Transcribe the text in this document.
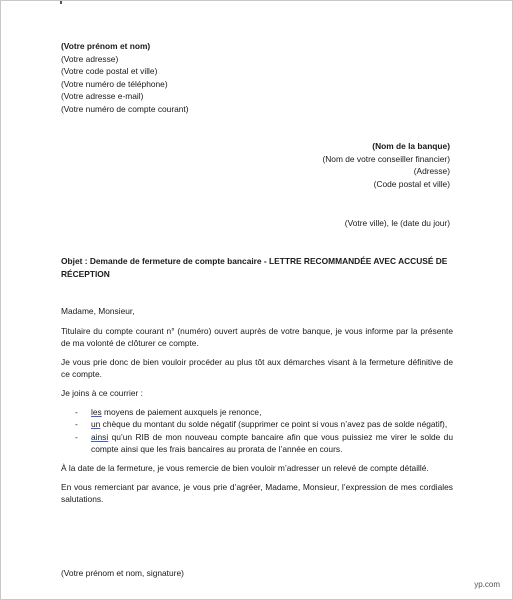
(Votre prénom et nom)
(Votre adresse)
(Votre code postal et ville)
(Votre numéro de téléphone)
(Votre adresse e-mail)
(Votre numéro de compte courant)
(Nom de la banque)
(Nom de votre conseiller financier)
(Adresse)
(Code postal et ville)
(Votre ville), le (date du jour)
Objet : Demande de fermeture de compte bancaire - LETTRE RECOMMANDÉE AVEC ACCUSÉ DE RÉCEPTION

Madame, Monsieur,

Titulaire du compte courant n° (numéro) ouvert auprès de votre banque, je vous informe par la présente de ma volonté de clôturer ce compte.

Je vous prie donc de bien vouloir procéder au plus tôt aux démarches visant à la fermeture définitive de ce compte.

Je joins à ce courrier :

- les moyens de paiement auxquels je renonce,
- un chèque du montant du solde négatif (supprimer ce point si vous n’avez pas de solde négatif),
- ainsi qu’un RIB de mon nouveau compte bancaire afin que vous puissiez me virer le solde du compte ainsi que les frais bancaires au prorata de l’année en cours.

À la date de la fermeture, je vous remercie de bien vouloir m’adresser un relevé de compte détaillé.

En vous remerciant par avance, je vous prie d’agréer, Madame, Monsieur, l’expression de mes cordiales salutations.

(Votre prénom et nom, signature)
yp.com
